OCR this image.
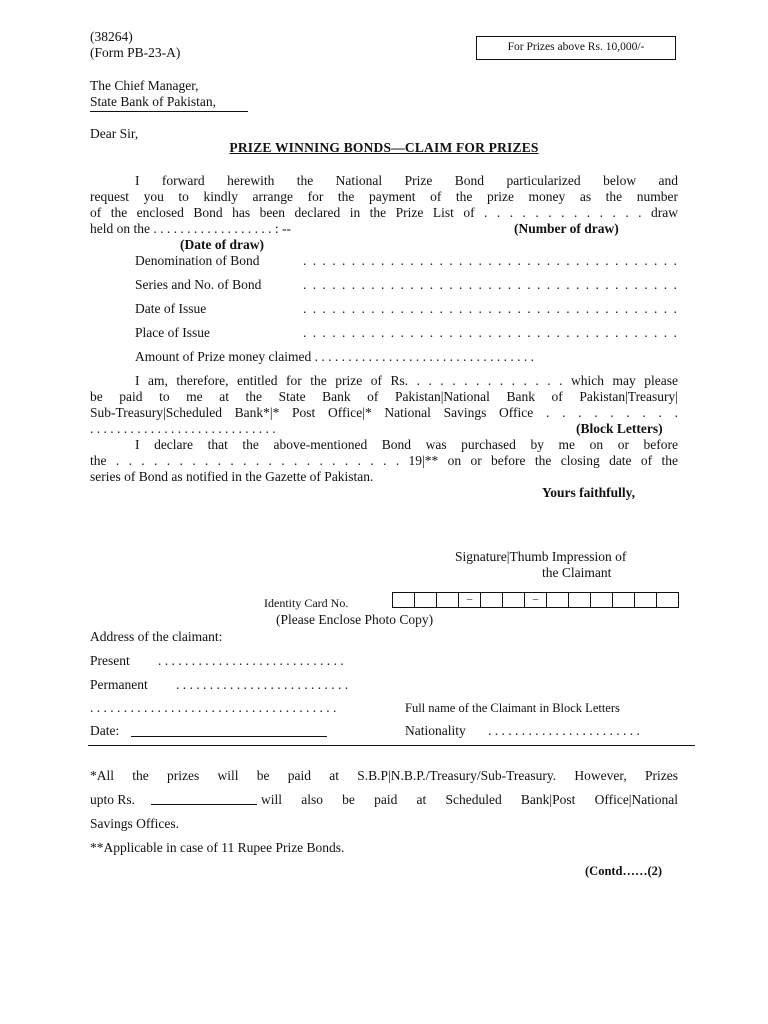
(38264)
(Form PB-23-A)	For Prizes above Rs. 10,000/-
The Chief Manager,
State Bank of Pakistan,
Dear Sir,
PRIZE WINNING BONDS—CLAIM FOR PRIZES
I forward herewith the National Prize Bond particularized below and
request you to kindly arrange for the payment of the prize money as the number
of the enclosed Bond has been declared in the Prize List of . . . . . . . . . . . . . draw
held on the . . . . . . . . . . . . . . . . . . : --	(Number of draw)
(Date of draw)
Denomination of Bond	. . . . . . . . . . . . . . . . . . . . . . . . . . . . . . . . . . . . . . .
Series and No. of Bond	. . . . . . . . . . . . . . . . . . . . . . . . . . . . . . . . . . . . . . .
Date of Issue	. . . . . . . . . . . . . . . . . . . . . . . . . . . . . . . . . . . . . . .
Place of Issue	. . . . . . . . . . . . . . . . . . . . . . . . . . . . . . . . . . . . . . .
Amount of Prize money claimed . . . . . . . . . . . . . . . . . . . . . . . . . . . . . . . . .
I am, therefore, entitled for the prize of Rs. . . . . . . . . . . . . . which may please
be paid to me at the State Bank of Pakistan|National Bank of Pakistan|Treasury|
Sub-Treasury|Scheduled Bank*|* Post Office|* National Savings Office . . . . . . . . .
. . . . . . . . . . . . . . . . . . . . . . . . . . . .	(Block Letters)
I declare that the above-mentioned Bond was purchased by me on or before
the . . . . . . . . . . . . . . . . . . . . . . . 19|** on or before the closing date of the
series of Bond as notified in the Gazette of Pakistan.
Yours faithfully,
Signature|Thumb Impression of
the Claimant
Identity Card No.	–	–
(Please Enclose Photo Copy)
Address of the claimant:
Present . . . . . . . . . . . . . . . . . . . . . . . . . . . .
Permanent . . . . . . . . . . . . . . . . . . . . . . . . . .
. . . . . . . . . . . . . . . . . . . . . . . . . . . . . . . . . . . . .	Full name of the Claimant in Block Letters
Date:	Nationality . . . . . . . . . . . . . . . . . . . . . . .
*All the prizes will be paid at S.B.P|N.B.P./Treasury/Sub-Treasury. However, Prizes
upto Rs.	will also be paid at Scheduled Bank|Post Office|National
Savings Offices.
**Applicable in case of 11 Rupee Prize Bonds.
(Contd……(2)
